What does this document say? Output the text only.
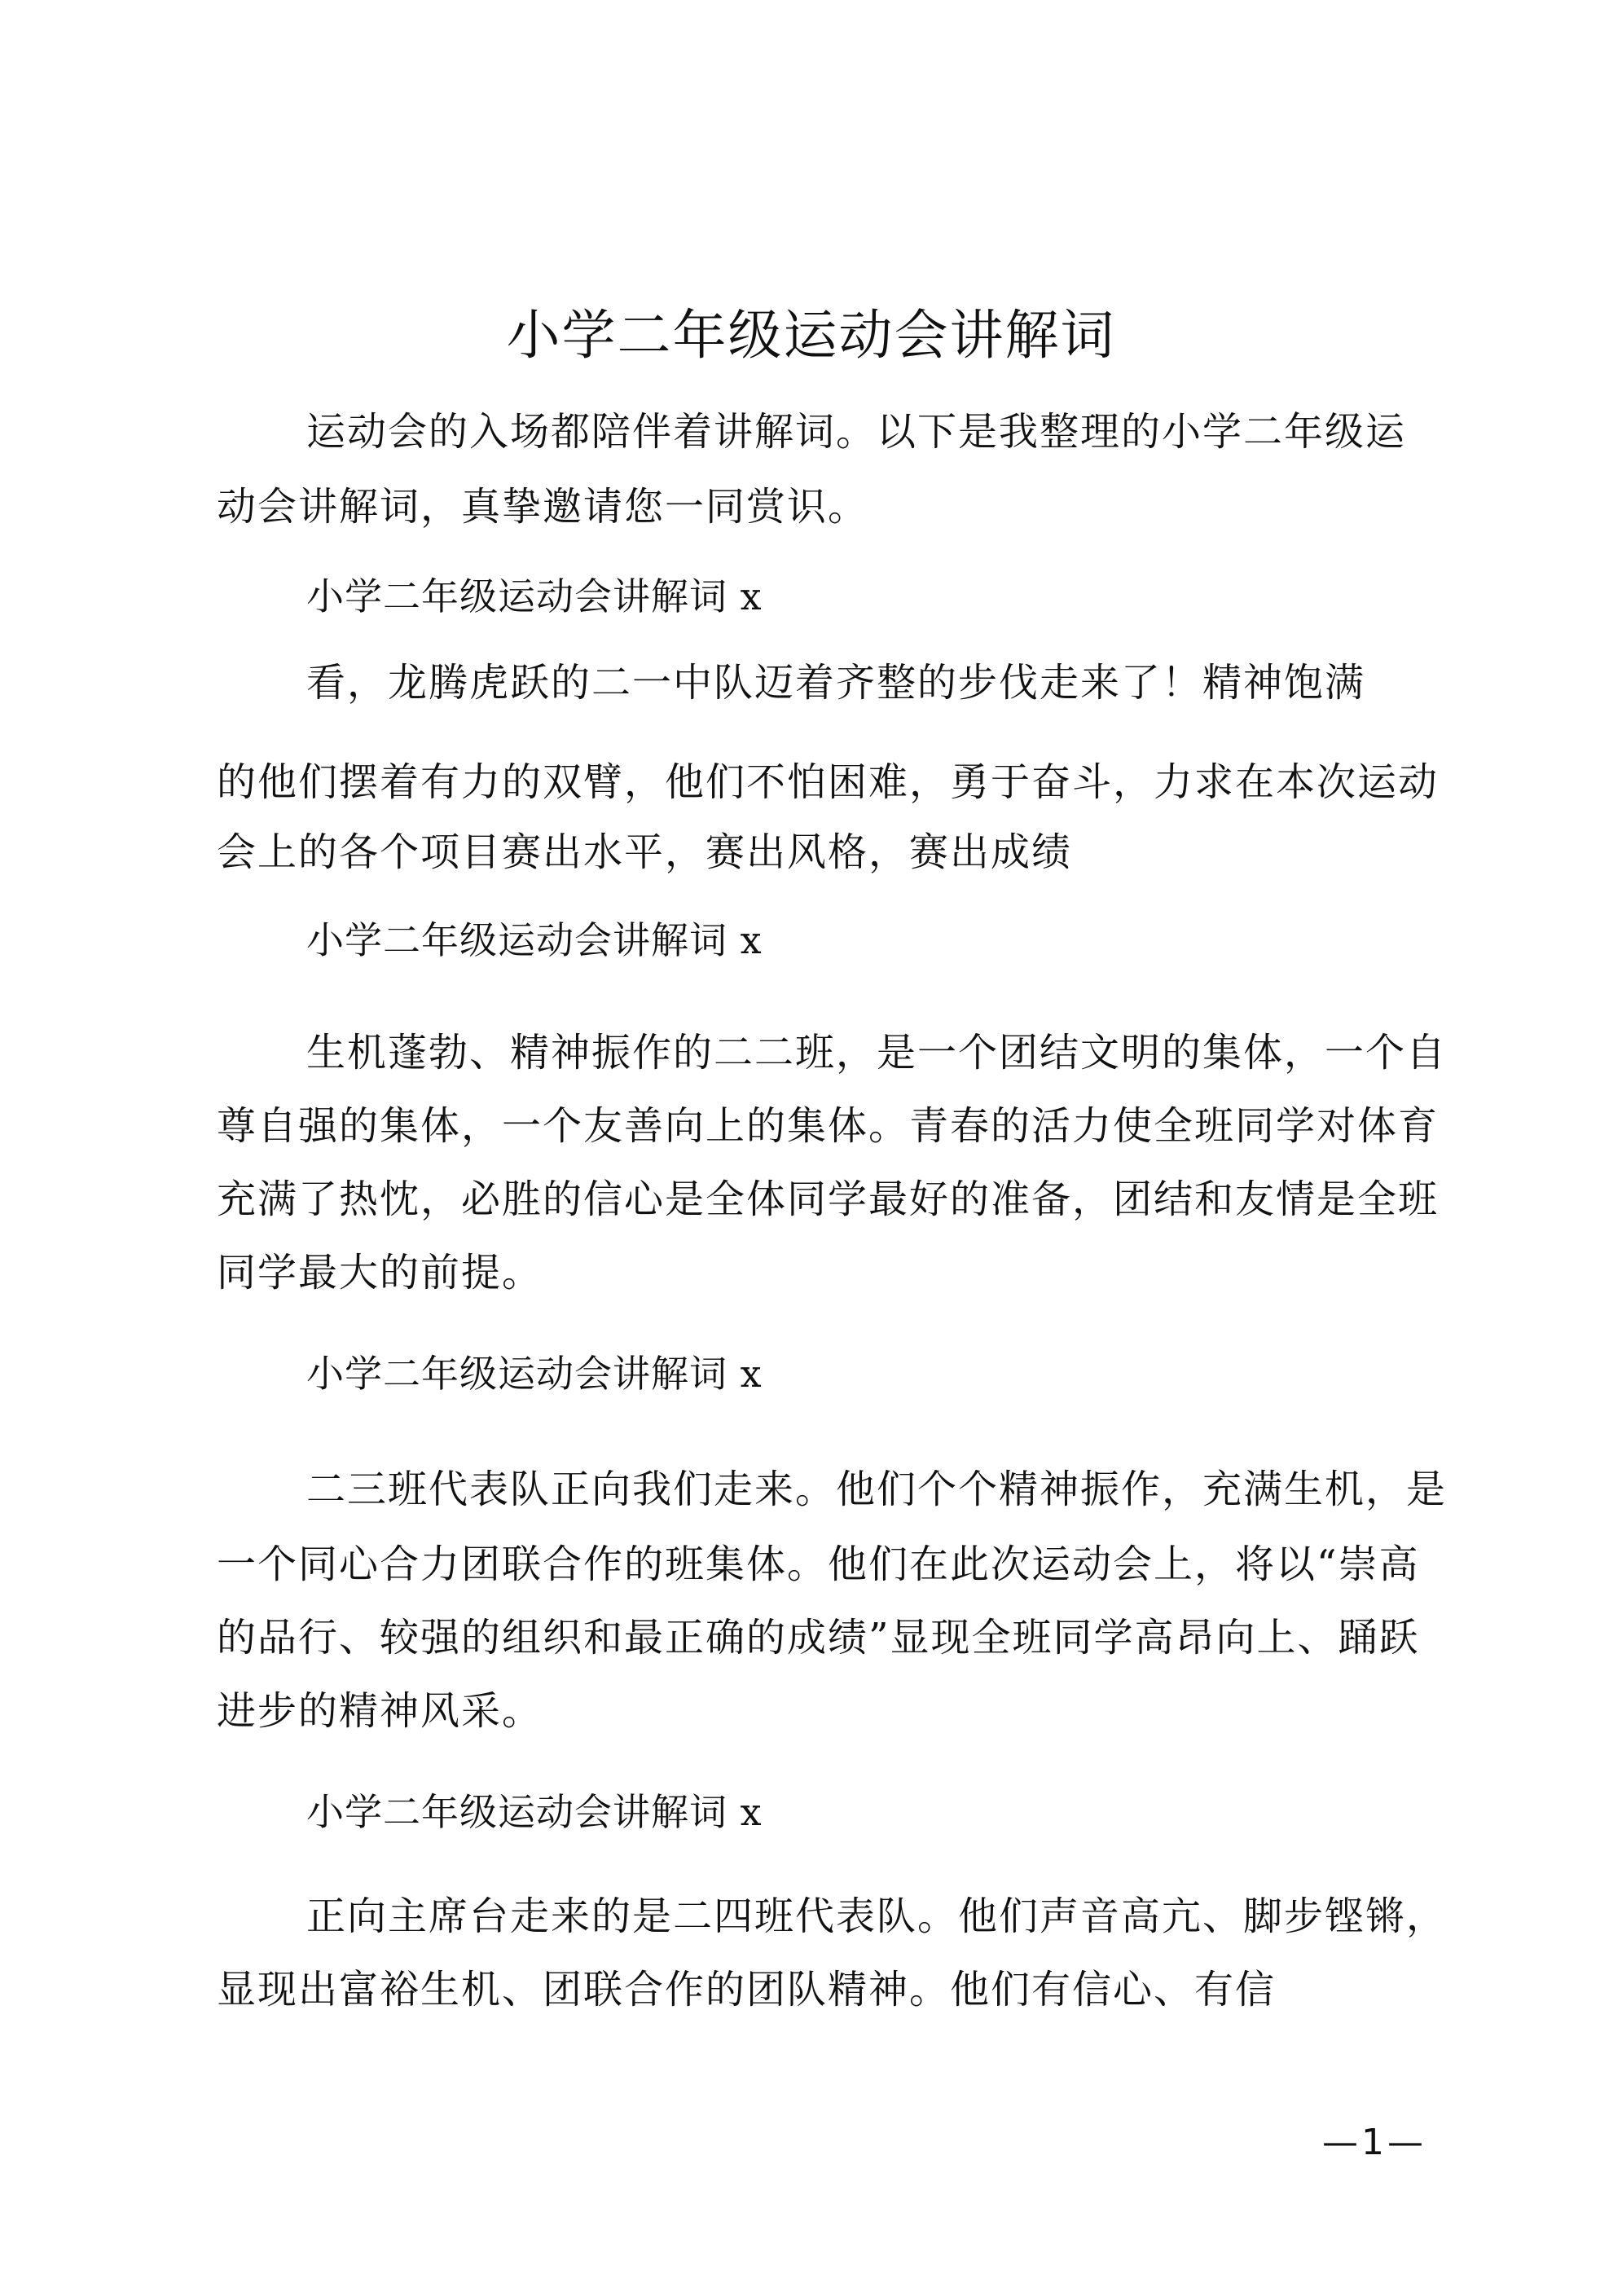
小学二年级运动会讲解词

运动会的入场都陪伴着讲解词。以下是我整理的小学二年级运

动会讲解词，真挚邀请您一同赏识。

小学二年级运动会讲解词 x

看，龙腾虎跃的二一中队迈着齐整的步伐走来了！精神饱满

的他们摆着有力的双臂，他们不怕困难，勇于奋斗，力求在本次运动

会上的各个项目赛出水平，赛出风格，赛出成绩

小学二年级运动会讲解词 x

生机蓬勃、精神振作的二二班，是一个团结文明的集体，一个自

尊自强的集体，一个友善向上的集体。青春的活力使全班同学对体育

充满了热忱，必胜的信心是全体同学最好的准备，团结和友情是全班

同学最大的前提。

小学二年级运动会讲解词 x

二三班代表队正向我们走来。他们个个精神振作，充满生机，是

一个同心合力团联合作的班集体。他们在此次运动会上，将以“崇高

的品行、较强的组织和最正确的成绩”显现全班同学高昂向上、踊跃

进步的精神风采。

小学二年级运动会讲解词 x

正向主席台走来的是二四班代表队。他们声音高亢、脚步铿锵，

显现出富裕生机、团联合作的团队精神。他们有信心、有信

—1—
